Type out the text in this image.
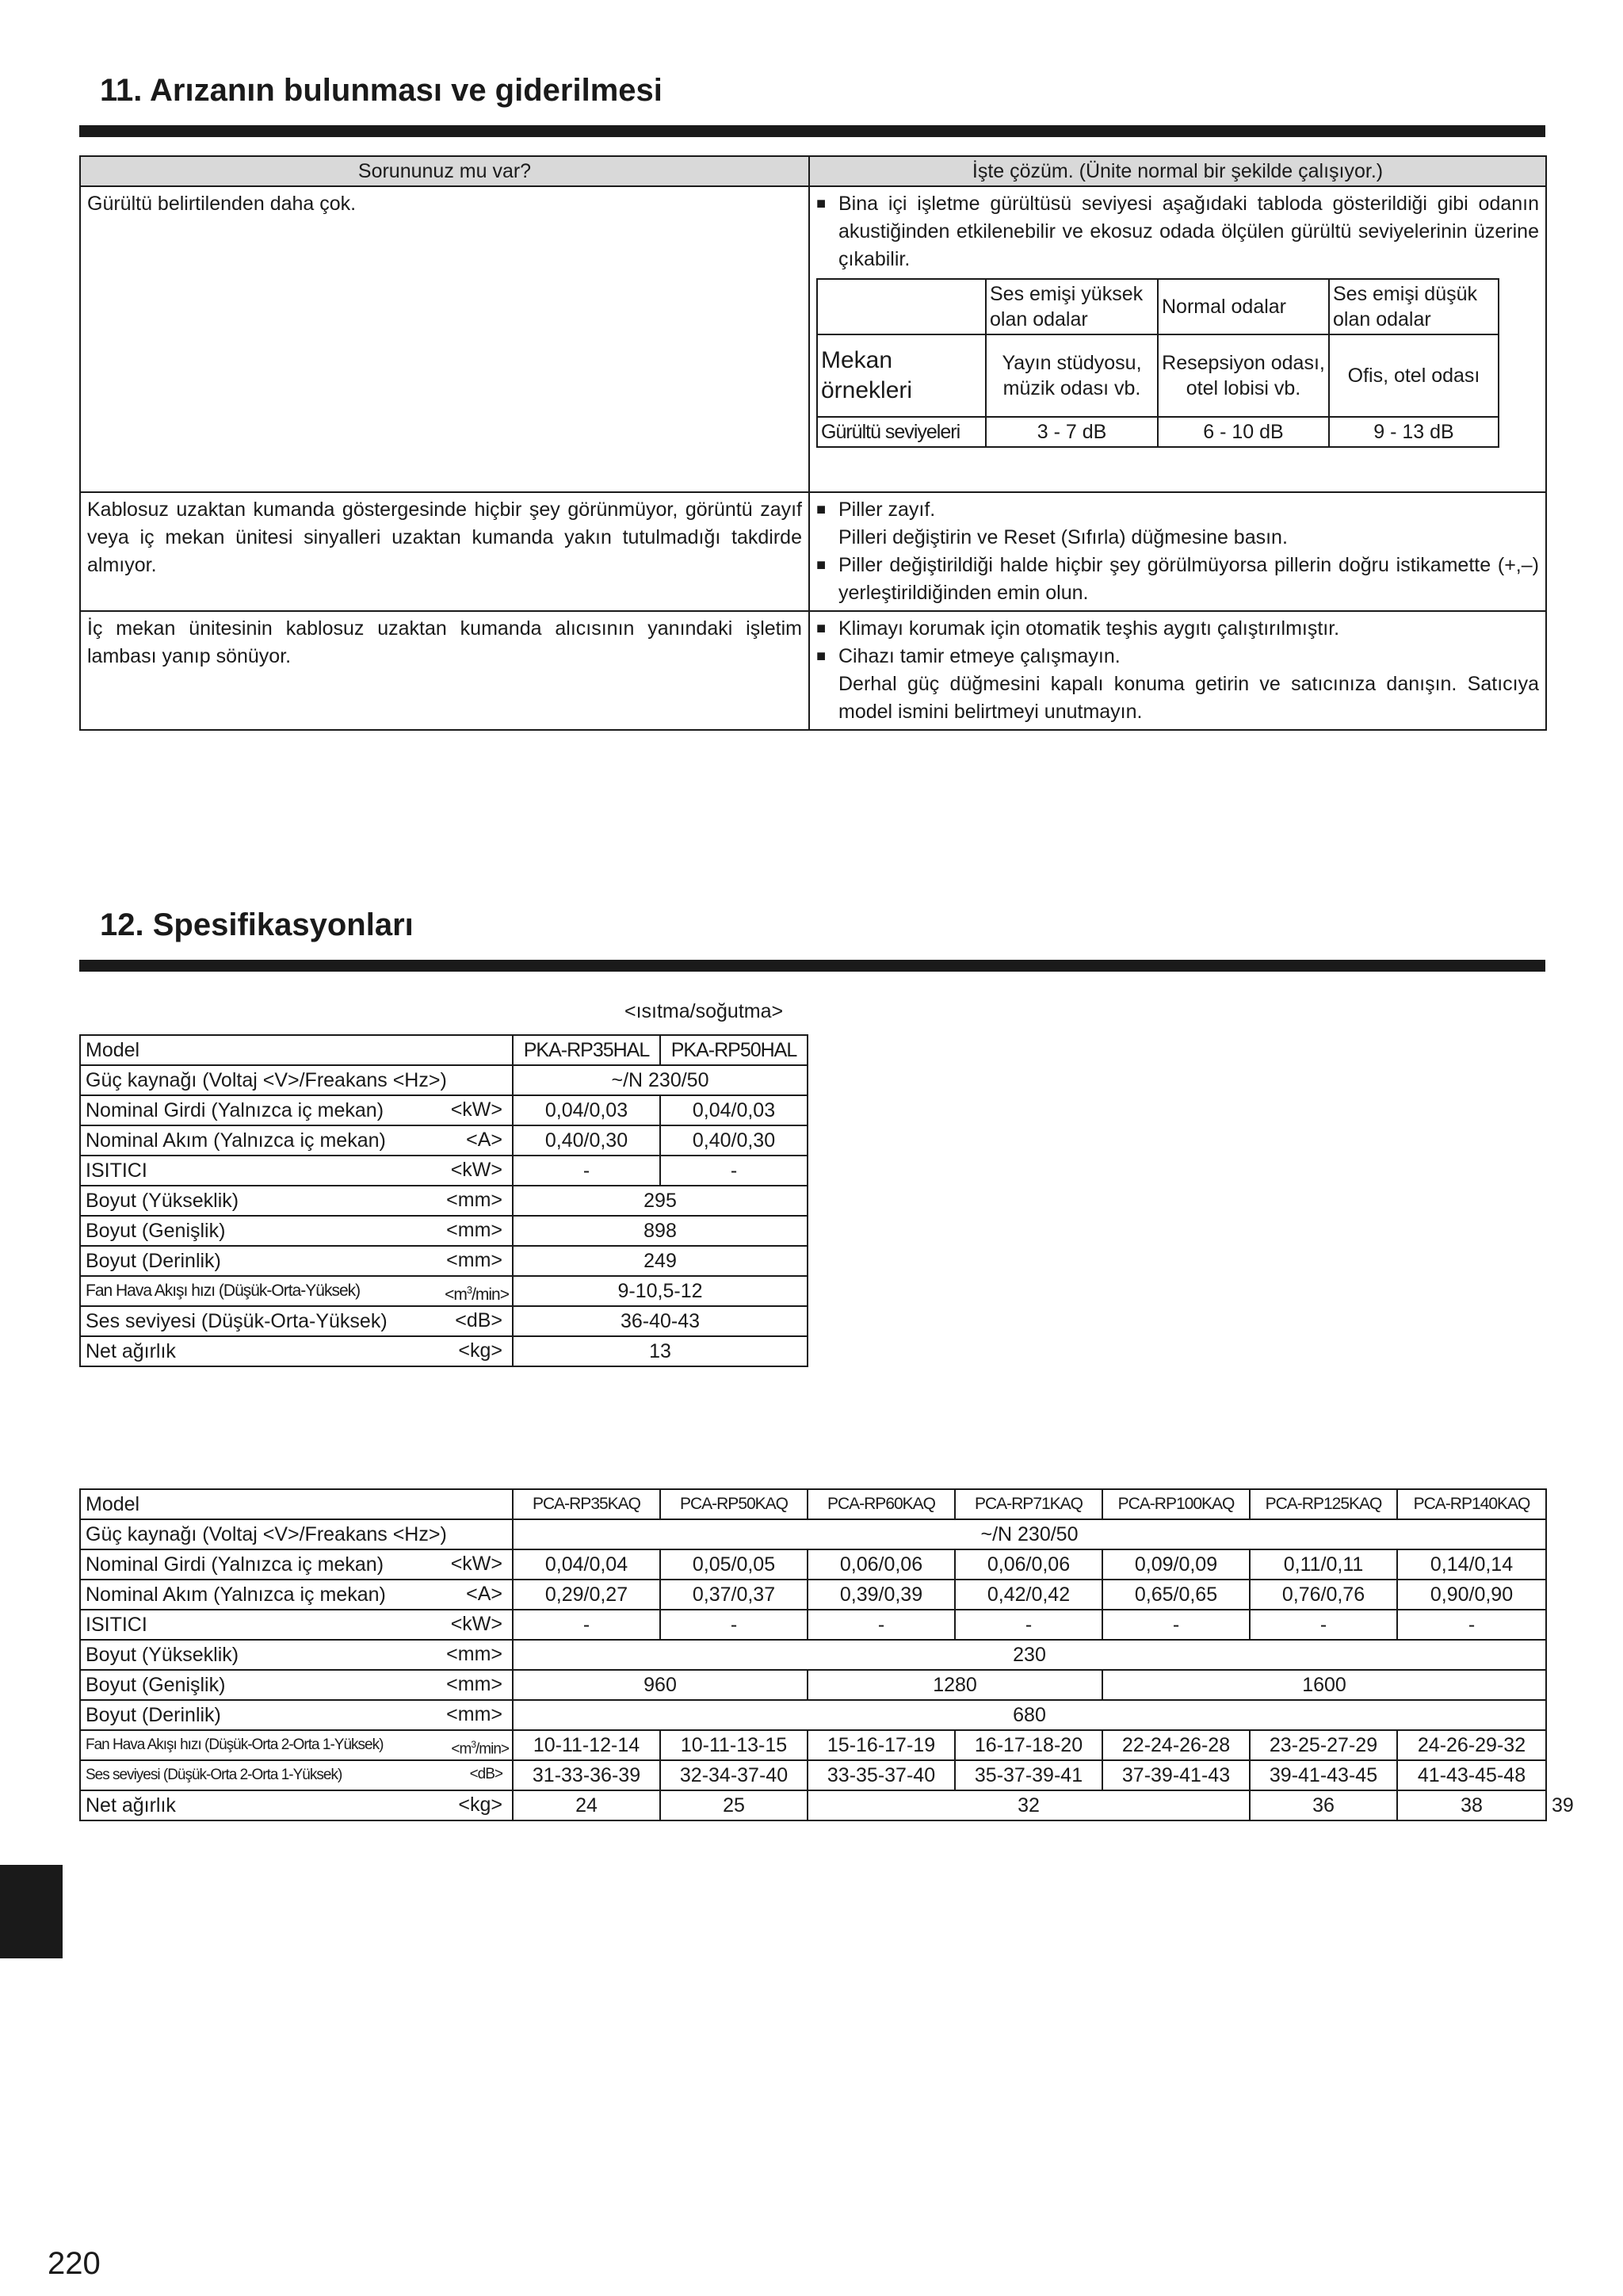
11. Arızanın bulunması ve giderilmesi
Sorununuz mu var?	İşte çözüm. (Ünite normal bir şekilde çalışıyor.)
Gürültü belirtilenden daha çok.	■ Bina içi işletme gürültüsü seviyesi aşağıdaki tabloda gösterildiği gibi odanın akustiğinden etkilenebilir ve ekosuz odada ölçülen gürültü seviyelerinin üzerine çıkabilir.
	Ses emişi yüksek olan odalar	Normal odalar	Ses emişi düşük olan odalar
Mekan örnekleri	Yayın stüdyosu, müzik odası vb.	Resepsiyon odası, otel lobisi vb.	Ofis, otel odası
Gürültü seviyeleri	3 - 7 dB	6 - 10 dB	9 - 13 dB

Kablosuz uzaktan kumanda göstergesinde hiçbir şey görünmüyor, görüntü zayıf veya iç mekan ünitesi sinyalleri uzaktan kumanda yakın tutulmadığı takdirde almıyor.	
■ Piller zayıf.
Pilleri değiştirin ve Reset (Sıfırla) düğmesine basın.
■ Piller değiştirildiği halde hiçbir şey görülmüyorsa pillerin doğru istikamette (+,–) yerleştirildiğinden emin olun.

İç mekan ünitesinin kablosuz uzaktan kumanda alıcısının yanındaki işletim lambası yanıp sönüyor.	
■ Klimayı korumak için otomatik teşhis aygıtı çalıştırılmıştır.
■ Cihazı tamir etmeye çalışmayın.
Derhal güç düğmesini kapalı konuma getirin ve satıcınıza danışın. Satıcıya model ismini belirtmeyi unutmayın.
12. Spesifikasyonları
<ısıtma/soğutma>
Model	PKA-RP35HAL	PKA-RP50HAL
Güç kaynağı (Voltaj <V>/Freakans <Hz>)	~/N 230/50	
Nominal Girdi (Yalnızca iç mekan) <kW>	0,04/0,03	0,04/0,03
Nominal Akım (Yalnızca iç mekan) <A>	0,40/0,30	0,40/0,30
ISITICI <kW>	-	-
Boyut (Yükseklik) <mm>	295	
Boyut (Genişlik) <mm>	898	
Boyut (Derinlik) <mm>	249	
Fan Hava Akışı hızı (Düşük-Orta-Yüksek) $<m^3/\min>$	9-10,5-12	
Ses seviyesi (Düşük-Orta-Yüksek) <dB>	36-40-43	
Net ağırlık <kg>	13	
Model	PCA-RP35KAQ	PCA-RP50KAQ	PCA-RP60KAQ	PCA-RP71KAQ	PCA-RP100KAQ	PCA-RP125KAQ	PCA-RP140KAQ	
Güç kaynağı (Voltaj <V>/Freakans <Hz>)	~/N 230/50							
Nominal Girdi (Yalnızca iç mekan) <kW>	0,04/0,04	0,05/0,05	0,06/0,06	0,06/0,06	0,09/0,09	0,11/0,11	0,14/0,14	
Nominal Akım (Yalnızca iç mekan) <A>	0,29/0,27	0,37/0,37	0,39/0,39	0,42/0,42	0,65/0,65	0,76/0,76	0,90/0,90	
ISITICI <kW>	-	-	-	-	-	-	-	
Boyut (Yükseklik) <mm>	230							
Boyut (Genişlik) <mm>	960		1280		1600			
Boyut (Derinlik) <mm>	680							
Fan Hava Akışı hızı (Düşük-Orta 2-Orta 1-Yüksek) $<m^3/\min>$	10-11-12-14	10-11-13-15	15-16-17-19	16-17-18-20	22-24-26-28	23-25-27-29	24-26-29-32	
Ses seviyesi (Düşük-Orta 2-Orta 1-Yüksek) <dB>	31-33-36-39	32-34-37-40	33-35-37-40	35-37-39-41	37-39-41-43	39-41-43-45	41-43-45-48	
Net ağırlık <kg>	24	25	32			36	38	39
220
